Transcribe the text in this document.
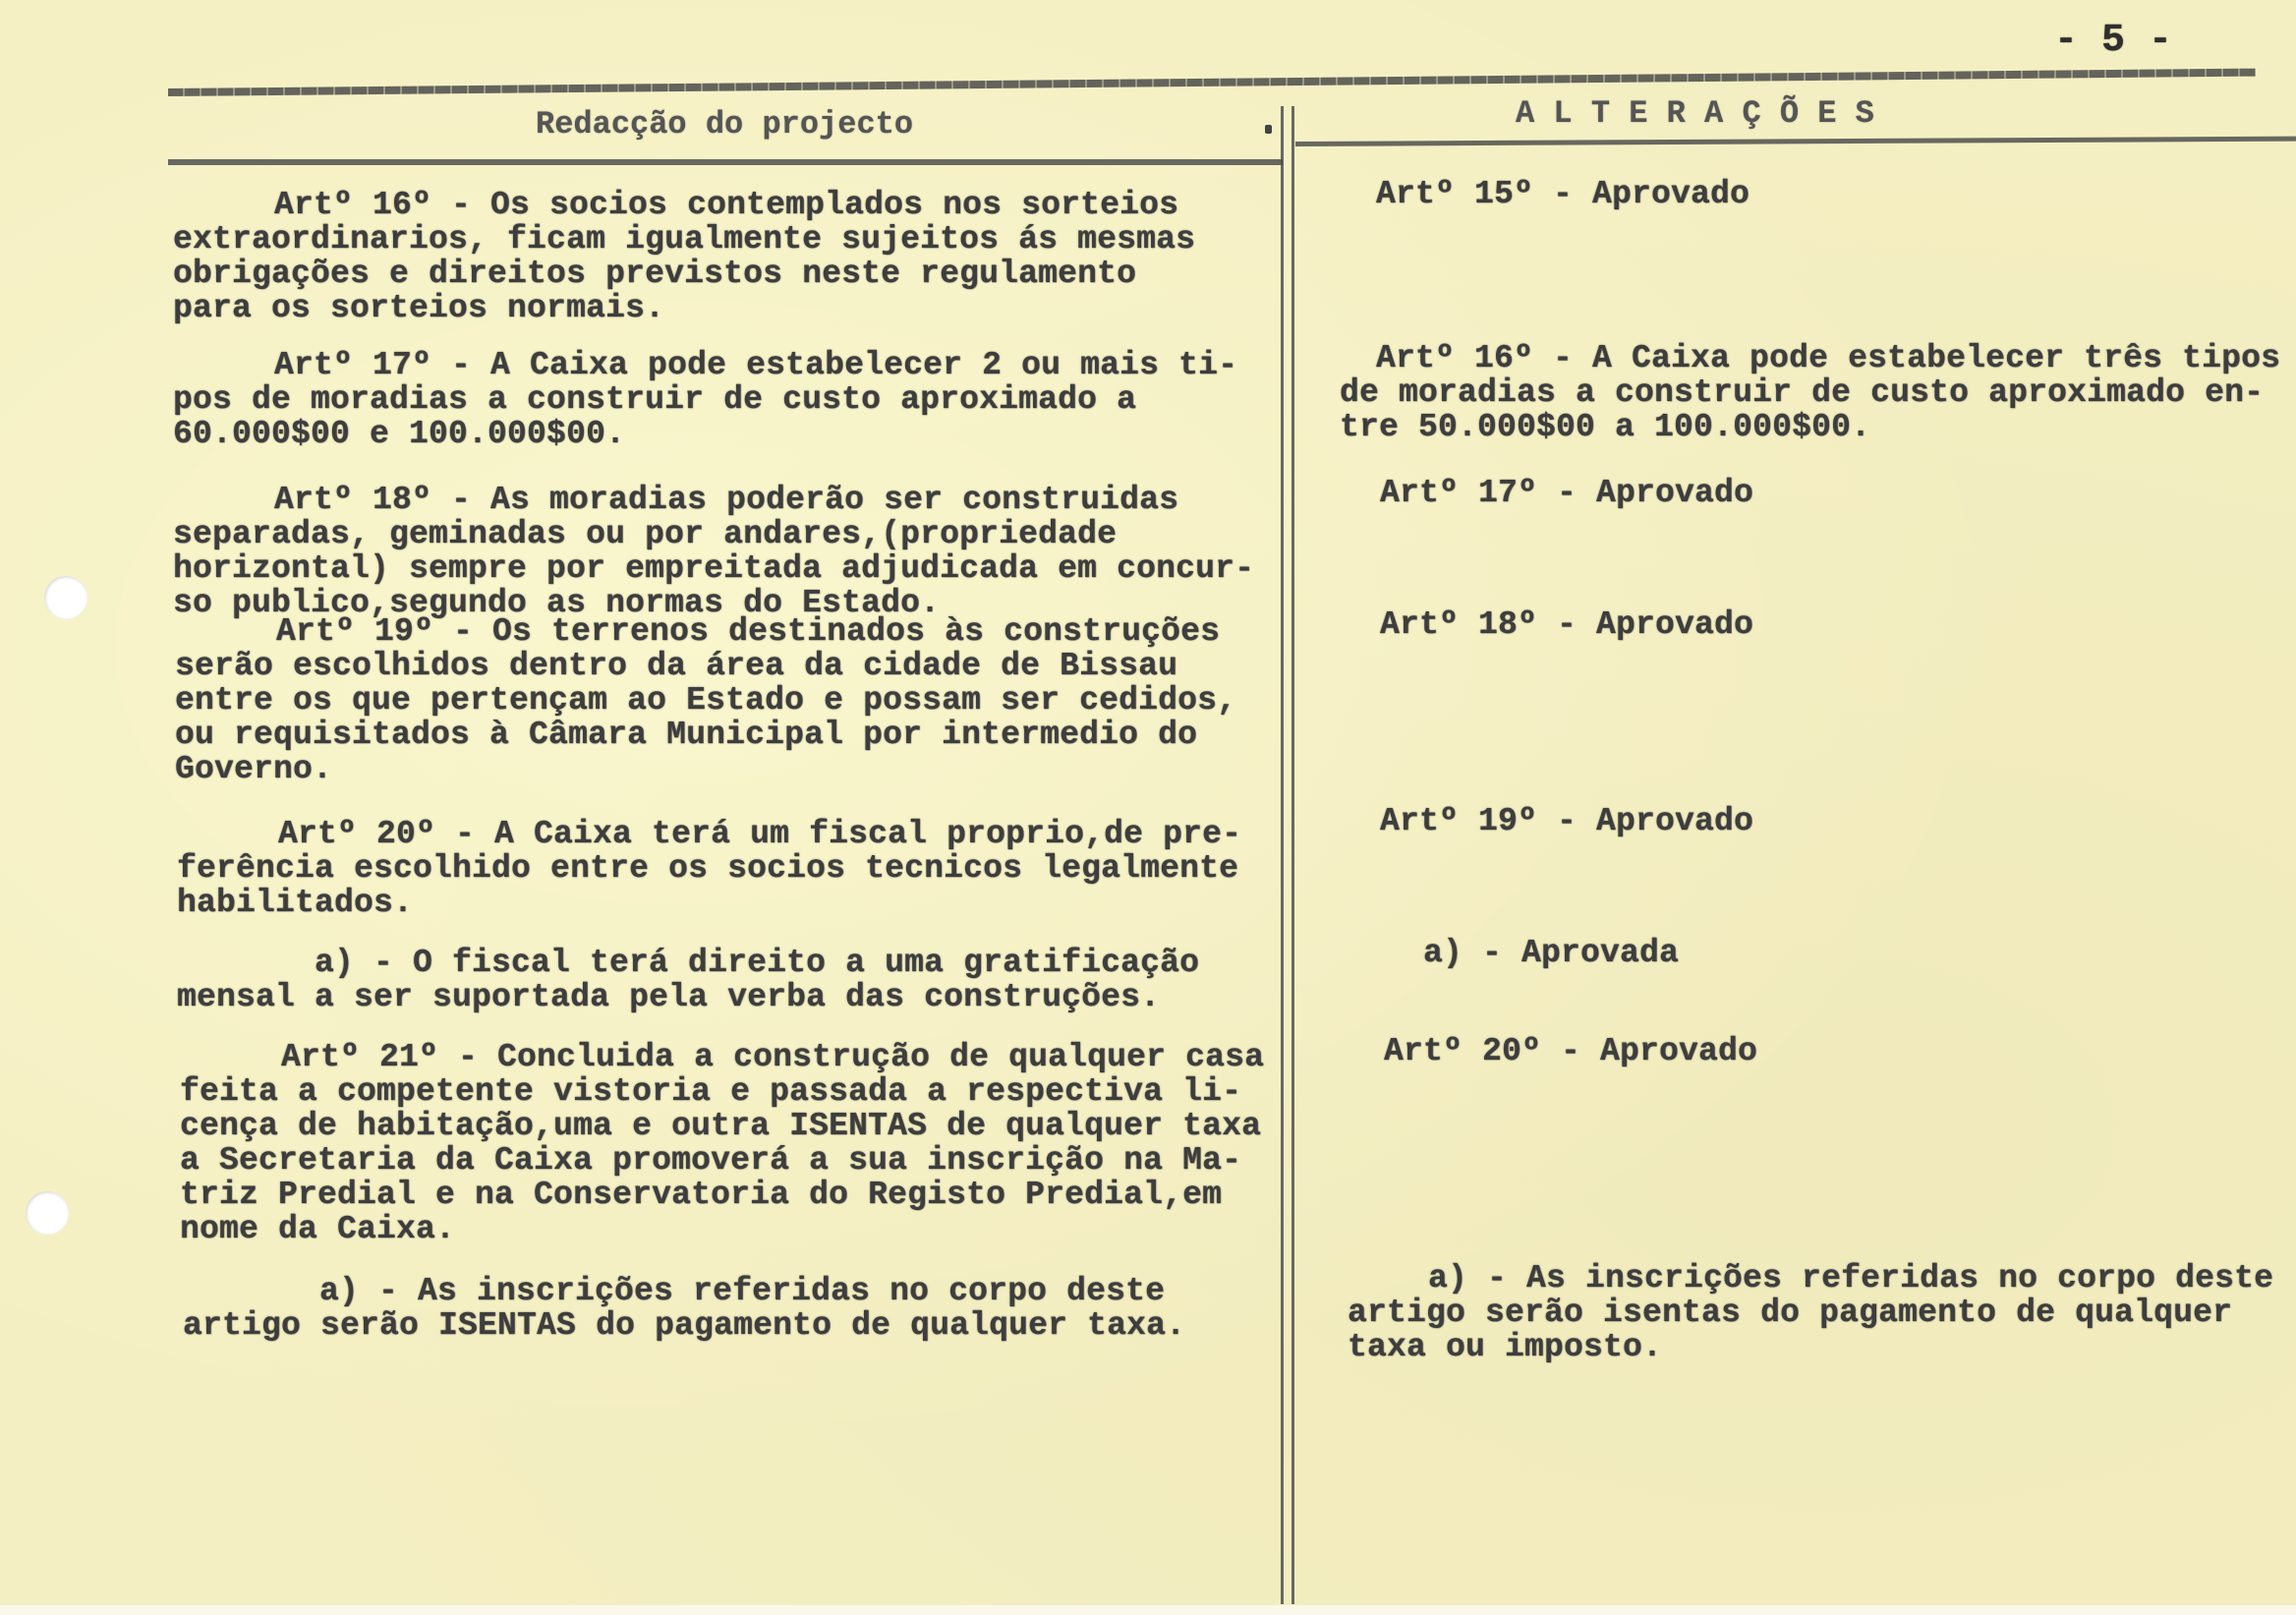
- 5 -
Redacção do projecto	A L T E R A Ç Õ E S
Artº 16º - Os socios contemplados nos sorteios
extraordinarios, ficam igualmente sujeitos ás mesmas
obrigações e direitos previstos neste regulamento
para os sorteios normais.
Artº 17º - A Caixa pode estabelecer 2 ou mais ti-
pos de moradias a construir de custo aproximado a
60.000$00 e 100.000$00.
Artº 18º - As moradias poderão ser construidas
separadas, geminadas ou por andares,(propriedade
horizontal) sempre por empreitada adjudicada em concur-
so publico,segundo as normas do Estado.
Artº 19º - Os terrenos destinados às construções
serão escolhidos dentro da área da cidade de Bissau
entre os que pertençam ao Estado e possam ser cedidos,
ou requisitados à Câmara Municipal por intermedio do
Governo.
Artº 20º - A Caixa terá um fiscal proprio,de pre-
ferência escolhido entre os socios tecnicos legalmente
habilitados.
a) - O fiscal terá direito a uma gratificação
mensal a ser suportada pela verba das construções.
Artº 21º - Concluida a construção de qualquer casa
feita a competente vistoria e passada a respectiva li-
cença de habitação,uma e outra ISENTAS de qualquer taxa
a Secretaria da Caixa promoverá a sua inscrição na Ma-
triz Predial e na Conservatoria do Registo Predial,em
nome da Caixa.
a) - As inscrições referidas no corpo deste
artigo serão ISENTAS do pagamento de qualquer taxa.
Artº 15º - Aprovado
Artº 16º - A Caixa pode estabelecer três tipos
de moradias a construir de custo aproximado en-
tre 50.000$00 a 100.000$00.
Artº 17º - Aprovado
Artº 18º - Aprovado
Artº 19º - Aprovado
a) - Aprovada
Artº 20º - Aprovado
a) - As inscrições referidas no corpo deste
artigo serão isentas do pagamento de qualquer
taxa ou imposto.
